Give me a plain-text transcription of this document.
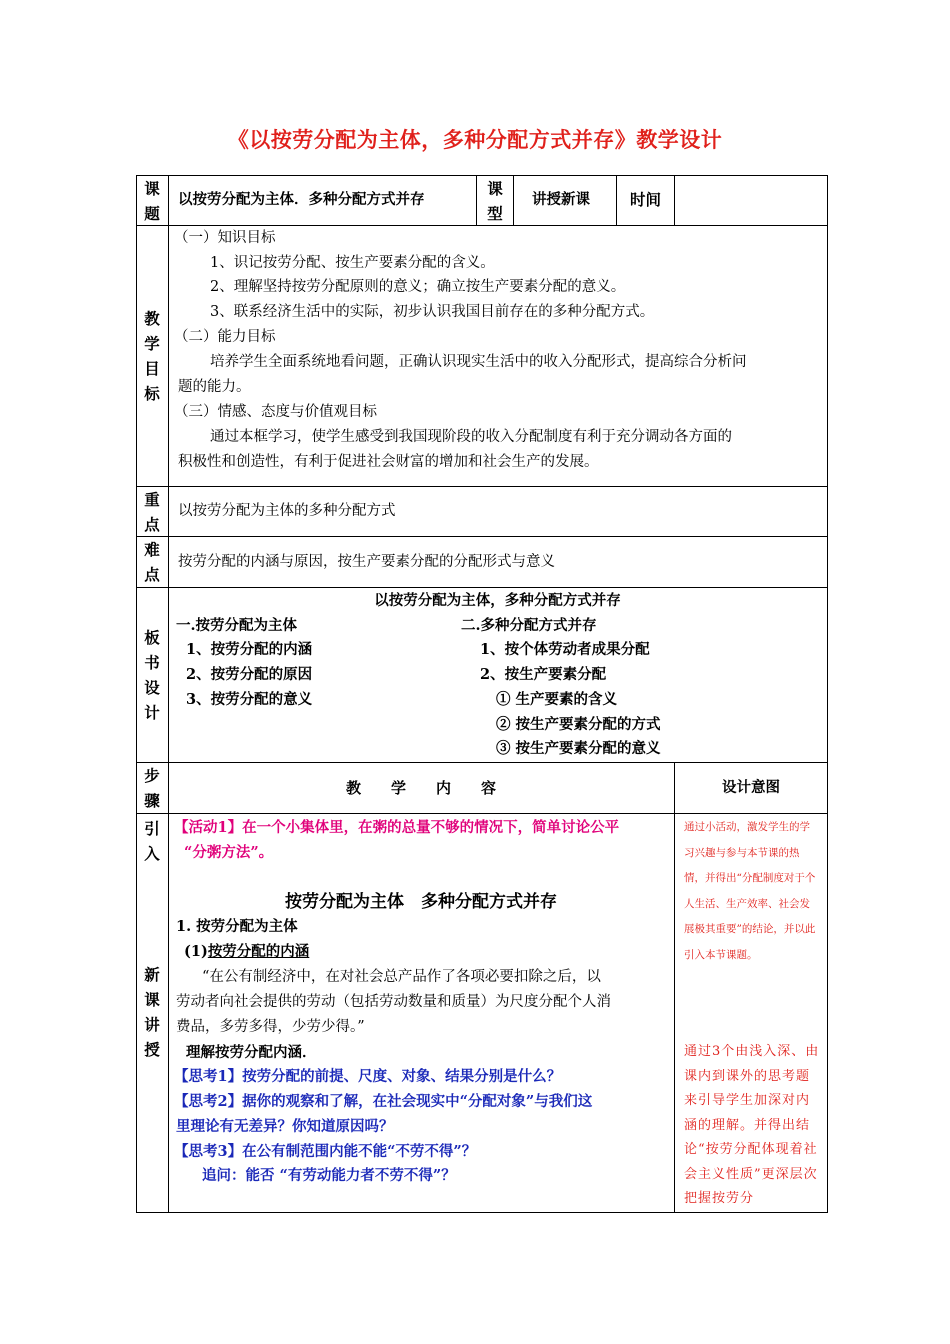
《以按劳分配为主体，多种分配方式并存》教学设计
课
题
以按劳分配为主体．多种分配方式并存
课
型
讲授新课	时间
教
学
目
标
（一）知识目标
1、识记按劳分配、按生产要素分配的含义。
2、理解坚持按劳分配原则的意义；确立按生产要素分配的意义。
3、联系经济生活中的实际，初步认识我国目前存在的多种分配方式。
（二）能力目标
培养学生全面系统地看问题，正确认识现实生活中的收入分配形式，提高综合分析问
题的能力。
（三）情感、态度与价值观目标
通过本框学习，使学生感受到我国现阶段的收入分配制度有利于充分调动各方面的
积极性和创造性，有利于促进社会财富的增加和社会生产的发展。
重
点
以按劳分配为主体的多种分配方式
难
点
按劳分配的内涵与原因，按生产要素分配的分配形式与意义
板
书
设
计
以按劳分配为主体，多种分配方式并存
一.按劳分配为主体
1、按劳分配的内涵
2、按劳分配的原因
3、按劳分配的意义
二.多种分配方式并存
1、按个体劳动者成果分配
2、按生产要素分配
① 生产要素的含义
② 按生产要素分配的方式
③ 按生产要素分配的意义
步
骤
教　　学　　内　　容	设计意图
引
入
【活动1】在一个小集体里，在粥的总量不够的情况下，简单讨论公平
“分粥方法”。
通过小活动，激发学生的学习兴趣与参与本节课的热情，并得出“分配制度对于个人生活、生产效率、社会发展极其重要”的结论，并以此引入本节课题。
新
课
讲
授
按劳分配为主体　多种分配方式并存
1. 按劳分配为主体
(1)按劳分配的内涵
“在公有制经济中，在对社会总产品作了各项必要扣除之后，以
劳动者向社会提供的劳动（包括劳动数量和质量）为尺度分配个人消
费品，多劳多得，少劳少得。”
理解按劳分配内涵．
【思考1】按劳分配的前提、尺度、对象、结果分别是什么？
【思考2】据你的观察和了解，在社会现实中“分配对象”与我们这
里理论有无差异？你知道原因吗？
【思考3】在公有制范围内能不能“不劳不得”？
追问：能否 “有劳动能力者不劳不得”？
通过3个由浅入深、由课内到课外的思考题来引导学生加深对内涵的理解。并得出结论“按劳分配体现着社会主义性质”更深层次把握按劳分
